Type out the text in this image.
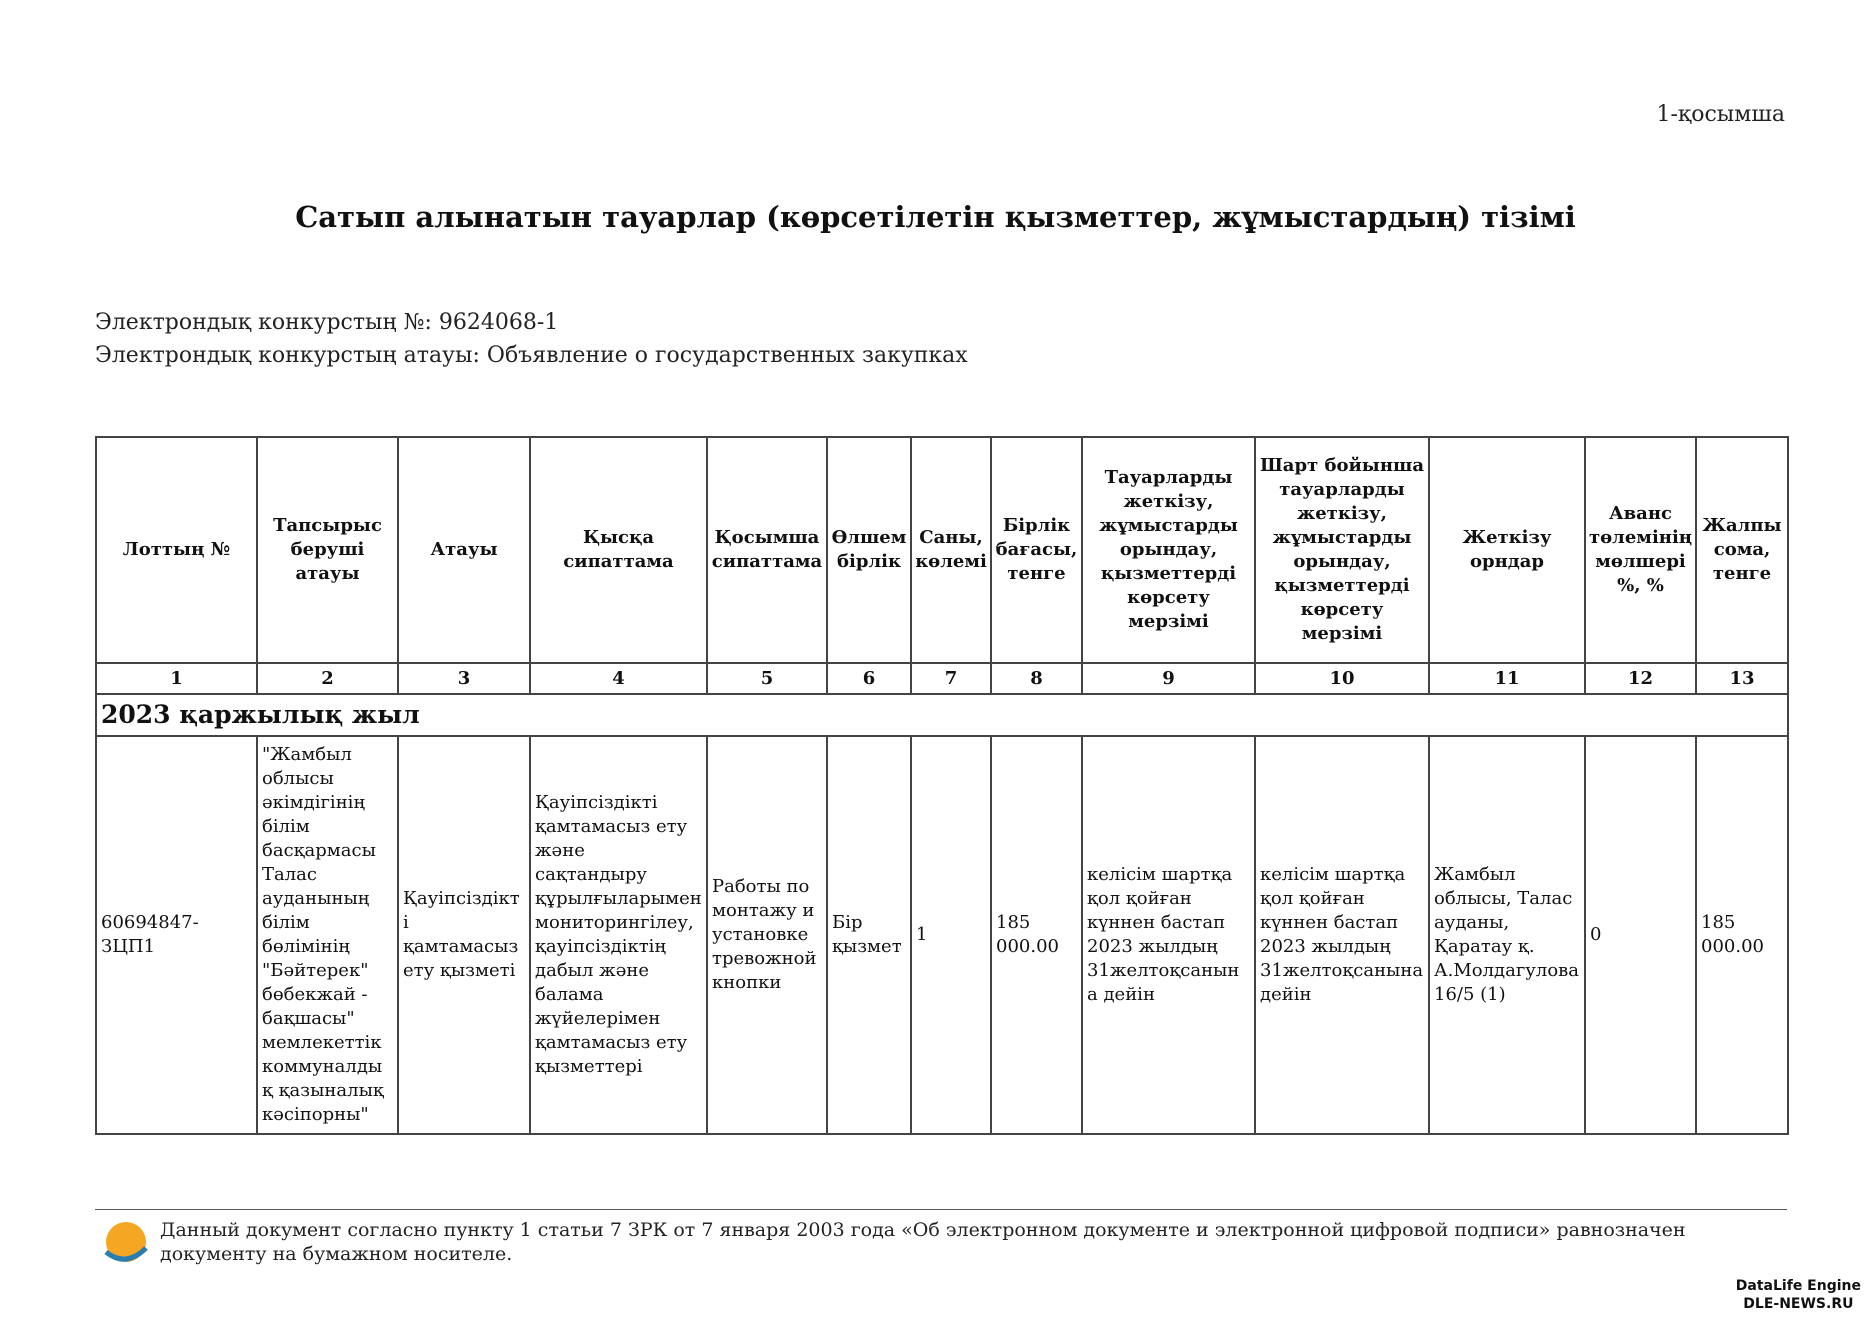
1-қосымша
Сатып алынатын тауарлар (көрсетілетін қызметтер, жұмыстардың) тізімі
Электрондық конкурстың №: 9624068-1
Электрондық конкурстың атауы: Объявление о государственных закупках
Лоттың №	Тапсырыс беруші атауы	Атауы	Қысқа сипаттама	Қосымша сипаттама	Өлшем бірлік	Саны, көлемі	Бірлік бағасы, тенге	Тауарларды жеткізу, жұмыстарды орындау, қызметтерді көрсету мерзімі	Шарт бойынша тауарларды жеткізу, жұмыстарды орындау, қызметтерді көрсету мерзімі	Жеткізу орндар	Аванс төлемінің мөлшері %, %	Жалпы сома, тенге
1	2	3	4	5	6	7	8	9	10	11	12	13
2023 қаржылық жыл												
60694847-ЗЦП1	"Жамбыл облысы әкімдігінің білім басқармасы Талас ауданының білім бөлімінің "Бәйтерек" бөбекжай - бақшасы" мемлекеттік коммуналдық қазыналық кәсіпорны"	Қауіпсіздікті қамтамасыз ету қызметі	Қауіпсіздікті қамтамасыз ету және сақтандыру құрылғыларымен мониторингілеу, қауіпсіздіктің дабыл және балама жүйелерімен қамтамасыз ету қызметтері	Работы по монтажу и установке тревожной кнопки	Бір қызмет	1	185 000.00	келісім шартқа қол қойған күннен бастап 2023 жылдың 31желтоқсанына дейін	келісім шартқа қол қойған күннен бастап 2023 жылдың 31желтоқсанына дейін	Жамбыл облысы, Талас ауданы, Қаратау қ. А.Молдагулова 16/5 (1)	0	185 000.00
Данный документ согласно пункту 1 статьи 7 ЗРК от 7 января 2003 года «Об электронном документе и электронной цифровой подписи» равнозначен документу на бумажном носителе.
DataLife Engine
DLE-NEWS.RU
